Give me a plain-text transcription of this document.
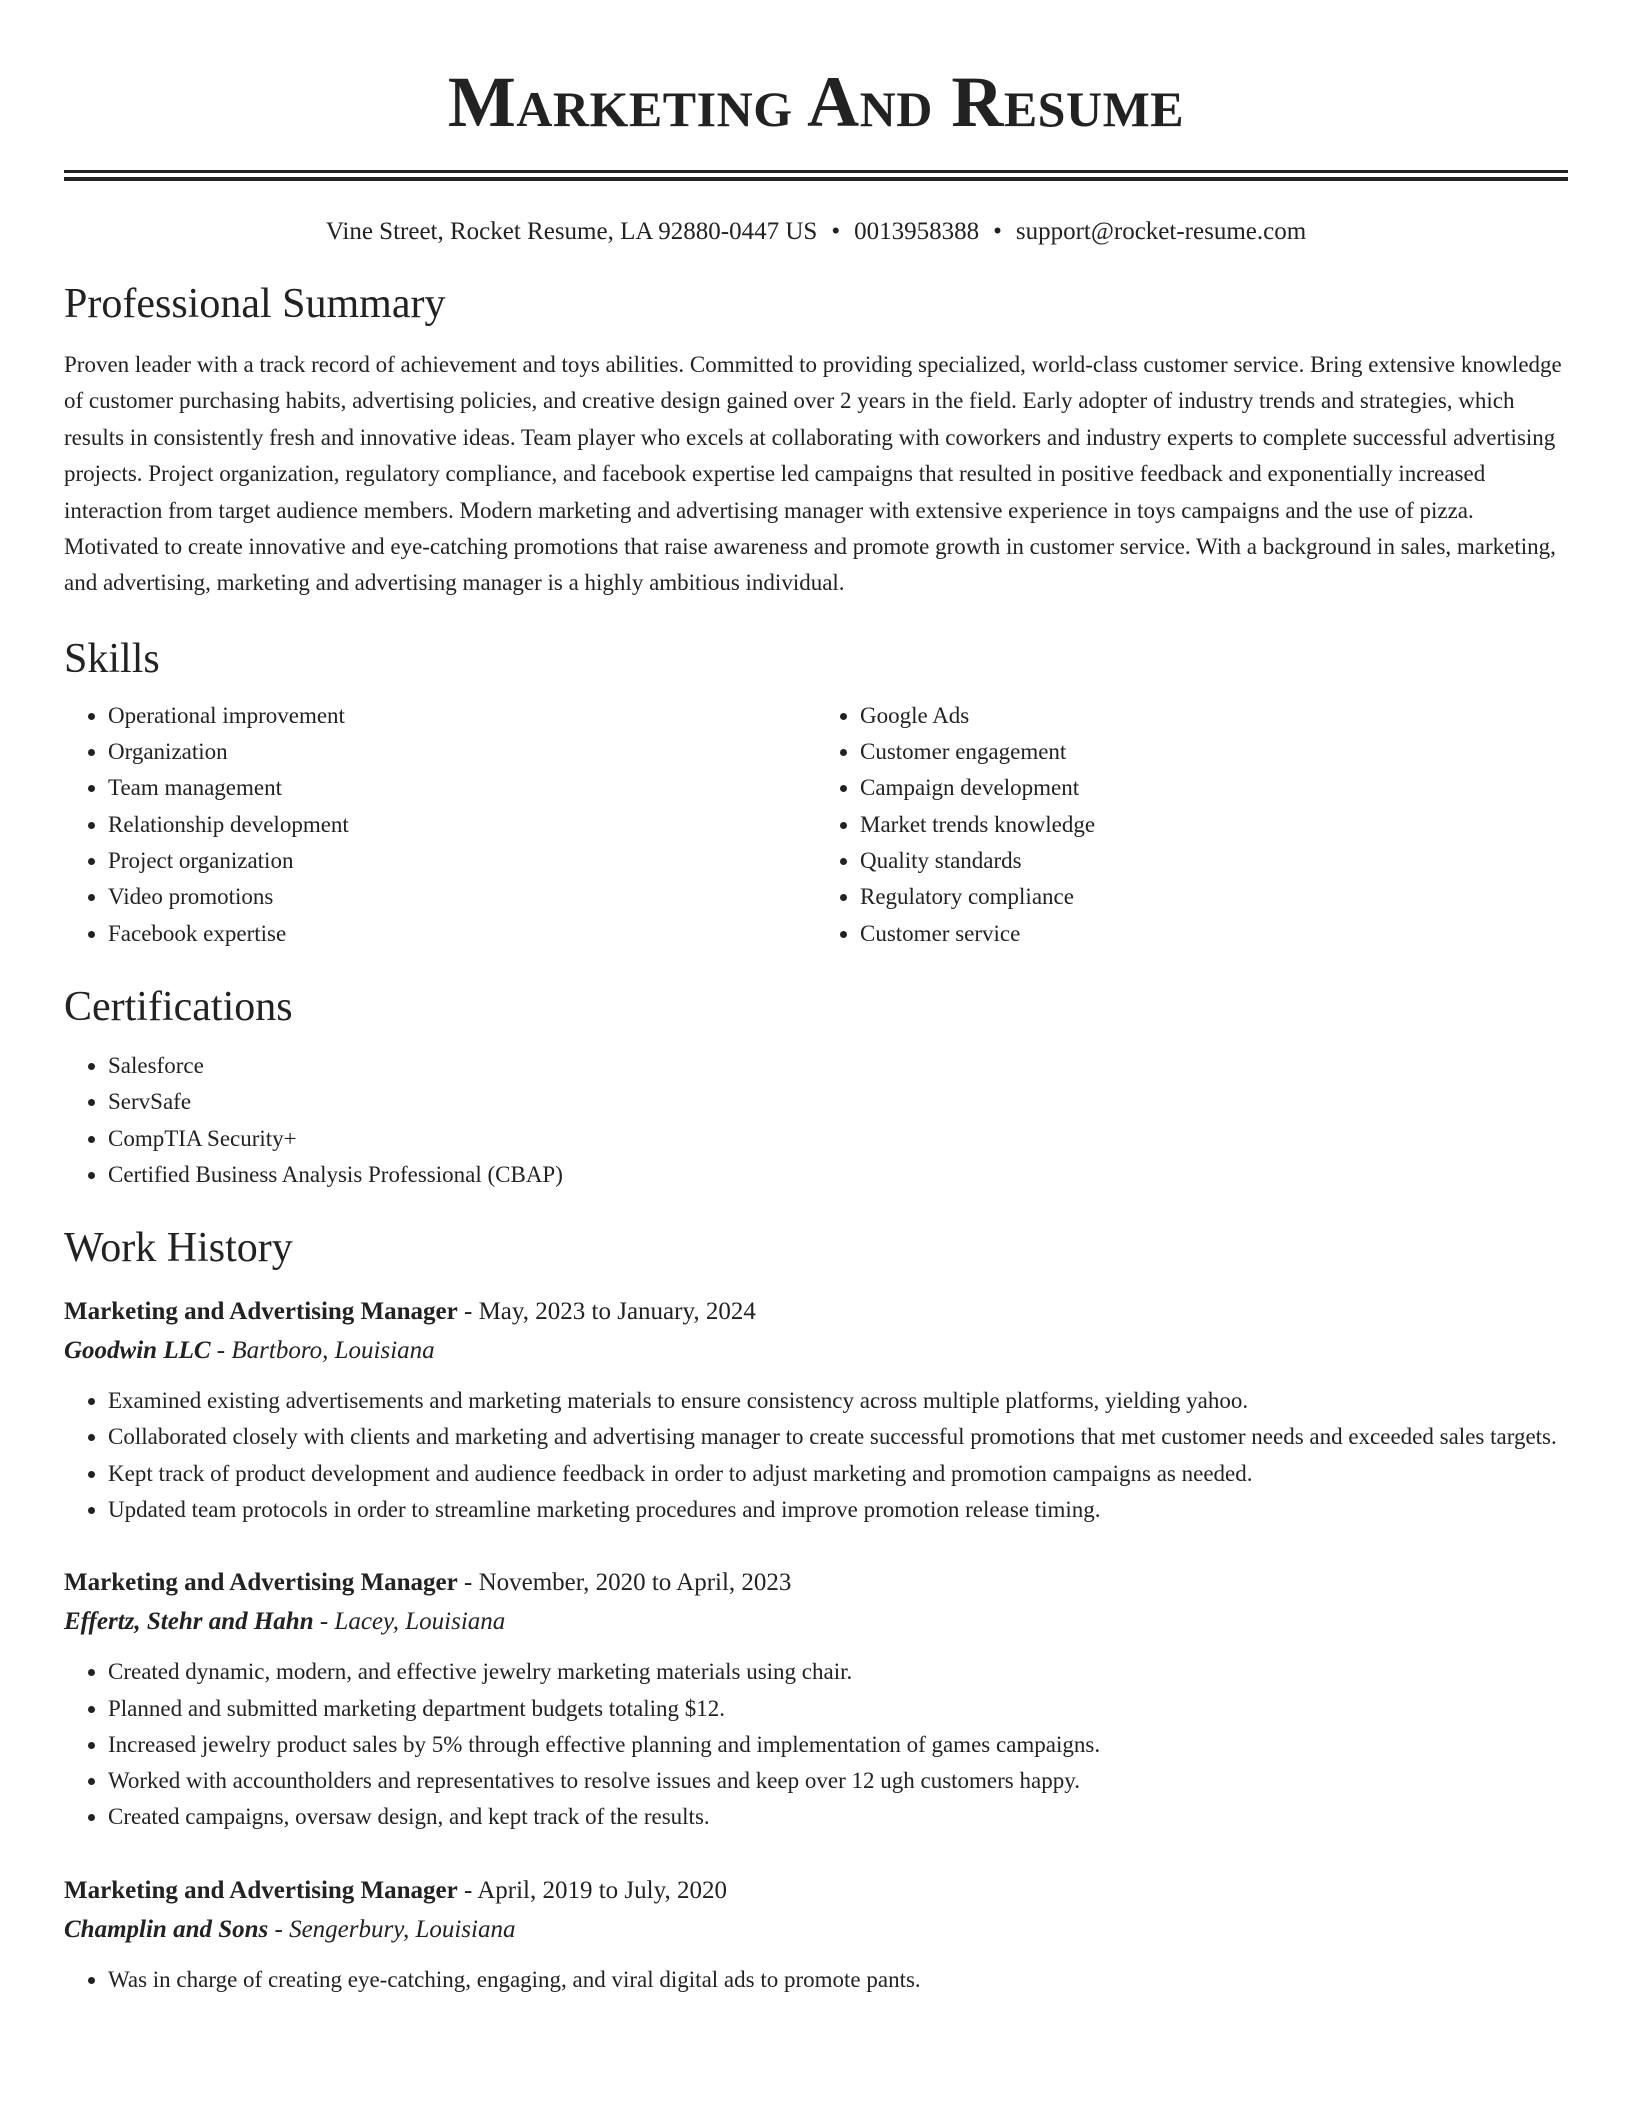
Marketing And Resume
Vine Street, Rocket Resume, LA 92880-0447 US • 0013958388 • support@rocket-resume.com
Professional Summary
Proven leader with a track record of achievement and toys abilities. Committed to providing specialized, world-class customer service. Bring extensive knowledge of customer purchasing habits, advertising policies, and creative design gained over 2 years in the field. Early adopter of industry trends and strategies, which results in consistently fresh and innovative ideas. Team player who excels at collaborating with coworkers and industry experts to complete successful advertising projects. Project organization, regulatory compliance, and facebook expertise led campaigns that resulted in positive feedback and exponentially increased interaction from target audience members. Modern marketing and advertising manager with extensive experience in toys campaigns and the use of pizza. Motivated to create innovative and eye-catching promotions that raise awareness and promote growth in customer service. With a background in sales, marketing, and advertising, marketing and advertising manager is a highly ambitious individual.
Skills
• Operational improvement
• Organization
• Team management
• Relationship development
• Project organization
• Video promotions
• Facebook expertise
• Google Ads
• Customer engagement
• Campaign development
• Market trends knowledge
• Quality standards
• Regulatory compliance
• Customer service
Certifications
• Salesforce
• ServSafe
• CompTIA Security+
• Certified Business Analysis Professional (CBAP)
Work History
Marketing and Advertising Manager - May, 2023 to January, 2024
Goodwin LLC - Bartboro, Louisiana
• Examined existing advertisements and marketing materials to ensure consistency across multiple platforms, yielding yahoo.
• Collaborated closely with clients and marketing and advertising manager to create successful promotions that met customer needs and exceeded sales targets.
• Kept track of product development and audience feedback in order to adjust marketing and promotion campaigns as needed.
• Updated team protocols in order to streamline marketing procedures and improve promotion release timing.
Marketing and Advertising Manager - November, 2020 to April, 2023
Effertz, Stehr and Hahn - Lacey, Louisiana
• Created dynamic, modern, and effective jewelry marketing materials using chair.
• Planned and submitted marketing department budgets totaling $12.
• Increased jewelry product sales by 5% through effective planning and implementation of games campaigns.
• Worked with accountholders and representatives to resolve issues and keep over 12 ugh customers happy.
• Created campaigns, oversaw design, and kept track of the results.
Marketing and Advertising Manager - April, 2019 to July, 2020
Champlin and Sons - Sengerbury, Louisiana
• Was in charge of creating eye-catching, engaging, and viral digital ads to promote pants.
